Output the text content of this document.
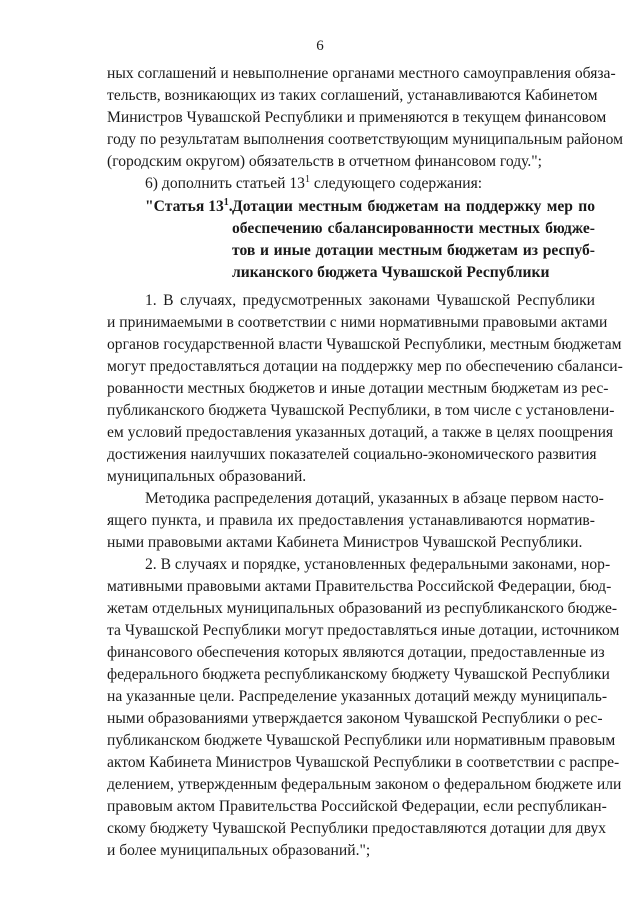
6
ных соглашений и невыполнение органами местного самоуправления обяза-
тельств, возникающих из таких соглашений, устанавливаются Кабинетом
Министров Чувашской Республики и применяются в текущем финансовом
году по результатам выполнения соответствующим муниципальным районом
(городским округом) обязательств в отчетном финансовом году.";
6) дополнить статьей $13^1$ следующего содержания:
"Статья $13^1$. Дотации местным бюджетам на поддержку мер по
обеспечению сбалансированности местных бюдже-
тов и иные дотации местным бюджетам из респуб-
ликанского бюджета Чувашской Республики
1. В случаях, предусмотренных законами Чувашской Республики
и принимаемыми в соответствии с ними нормативными правовыми актами
органов государственной власти Чувашской Республики, местным бюджетам
могут предоставляться дотации на поддержку мер по обеспечению сбаланси-
рованности местных бюджетов и иные дотации местным бюджетам из рес-
публиканского бюджета Чувашской Республики, в том числе с установлени-
ем условий предоставления указанных дотаций, а также в целях поощрения
достижения наилучших показателей социально-экономического развития
муниципальных образований.
Методика распределения дотаций, указанных в абзаце первом насто-
ящего пункта, и правила их предоставления устанавливаются норматив-
ными правовыми актами Кабинета Министров Чувашской Республики.
2. В случаях и порядке, установленных федеральными законами, нор-
мативными правовыми актами Правительства Российской Федерации, бюд-
жетам отдельных муниципальных образований из республиканского бюдже-
та Чувашской Республики могут предоставляться иные дотации, источником
финансового обеспечения которых являются дотации, предоставленные из
федерального бюджета республиканскому бюджету Чувашской Республики
на указанные цели. Распределение указанных дотаций между муниципаль-
ными образованиями утверждается законом Чувашской Республики о рес-
публиканском бюджете Чувашской Республики или нормативным правовым
актом Кабинета Министров Чувашской Республики в соответствии с распре-
делением, утвержденным федеральным законом о федеральном бюджете или
правовым актом Правительства Российской Федерации, если республикан-
скому бюджету Чувашской Республики предоставляются дотации для двух
и более муниципальных образований.";
